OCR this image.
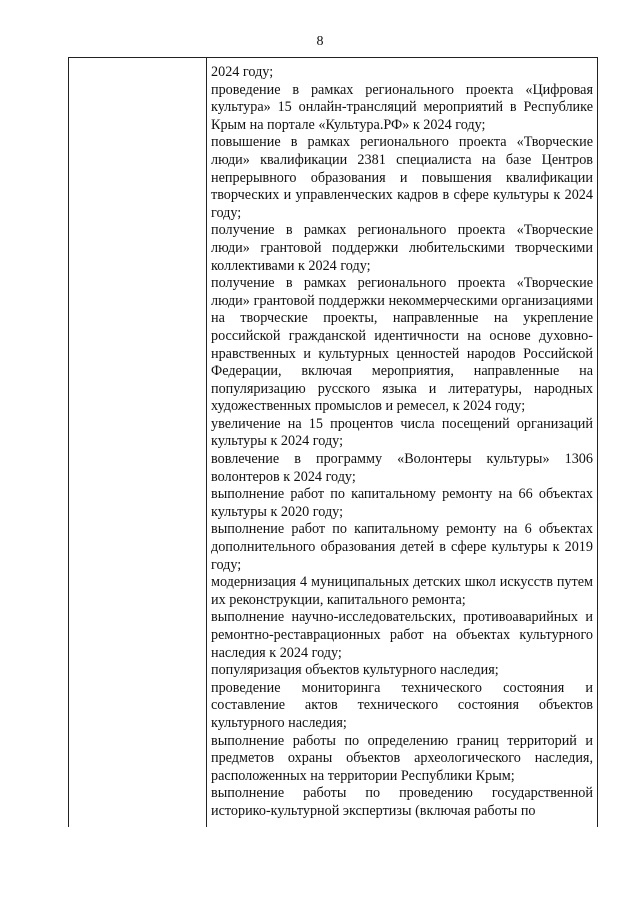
8

2024 году;

проведение в рамках регионального проекта «Цифровая культура» 15 онлайн-трансляций мероприятий в Республике Крым на портале «Культура.РФ» к 2024 году;

повышение в рамках регионального проекта «Творческие люди» квалификации 2381 специалиста на базе Центров непрерывного образования и повышения квалификации творческих и управленческих кадров в сфере культуры к 2024 году;

получение в рамках регионального проекта «Творческие люди» грантовой поддержки любительскими творческими коллективами к 2024 году;

получение в рамках регионального проекта «Творческие люди» грантовой поддержки некоммерческими организациями на творческие проекты, направленные на укрепление российской гражданской идентичности на основе духовно-нравственных и культурных ценностей народов Российской Федерации, включая мероприятия, направленные на популяризацию русского языка и литературы, народных художественных промыслов и ремесел, к 2024 году;

увеличение на 15 процентов числа посещений организаций культуры к 2024 году;

вовлечение в программу «Волонтеры культуры» 1306 волонтеров к 2024 году;

выполнение работ по капитальному ремонту на 66 объектах культуры к 2020 году;

выполнение работ по капитальному ремонту на 6 объектах дополнительного образования детей в сфере культуры к 2019 году;

модернизация 4 муниципальных детских школ искусств путем их реконструкции, капитального ремонта;

выполнение научно-исследовательских, противоаварийных и ремонтно-реставрационных работ на объектах культурного наследия к 2024 году;

популяризация объектов культурного наследия;

проведение мониторинга технического состояния и составление актов технического состояния объектов культурного наследия;

выполнение работы по определению границ территорий и предметов охраны объектов археологического наследия, расположенных на территории Республики Крым;

выполнение работы по проведению государственной историко-культурной экспертизы (включая работы по
